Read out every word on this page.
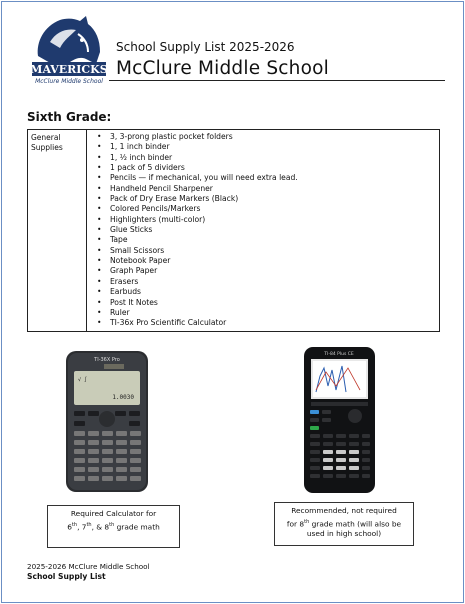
MAVERICKS
McClure Middle School
School Supply List 2025-2026
McClure Middle School
Sixth Grade:
General Supplies

• 3, 3-prong plastic pocket folders
• 1, 1 inch binder
• 1, ½ inch binder
• 1 pack of 5 dividers
• Pencils — if mechanical, you will need extra lead.
• Handheld Pencil Sharpener
• Pack of Dry Erase Markers (Black)
• Colored Pencils/Markers
• Highlighters (multi-color)
• Glue Sticks
• Tape
• Small Scissors
• Notebook Paper
• Graph Paper
• Erasers
• Earbuds
• Post It Notes
• Ruler
• TI-36x Pro Scientific Calculator
TI-36X Pro
1.0030
√ ∫
TI-84 Plus CE
Required Calculator for
6th, 7th, & 8th grade math
Recommended, not required
for 8th grade math (will also be
used in high school)
2025-2026 McClure Middle School
School Supply List
